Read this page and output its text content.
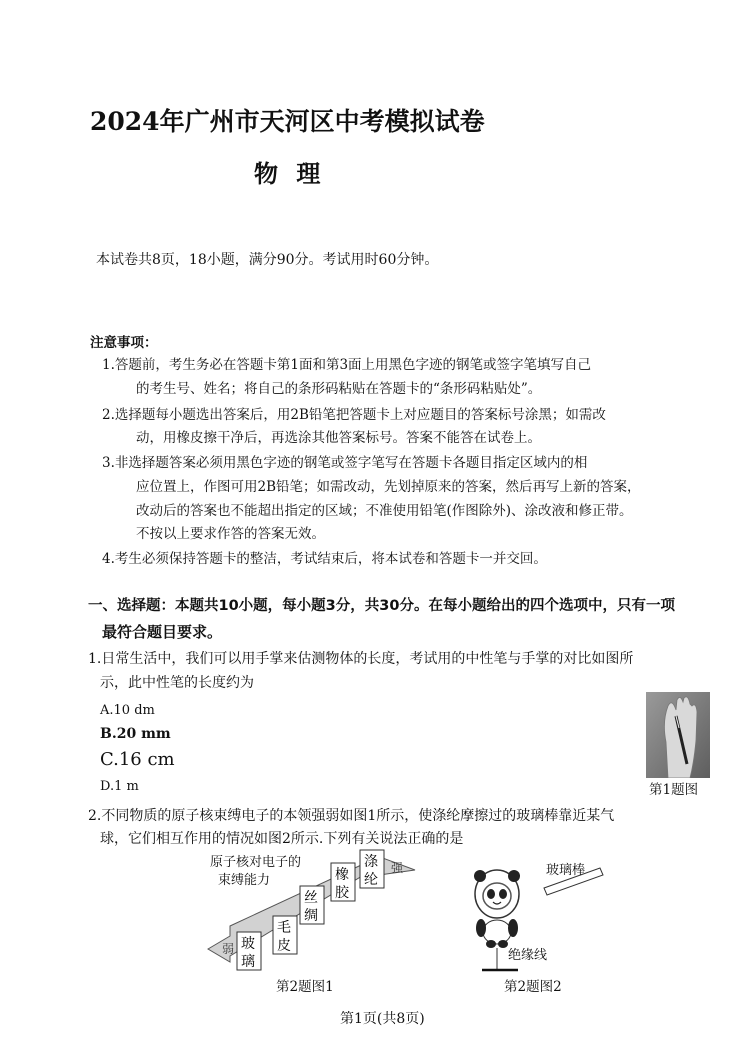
2024年广州市天河区中考模拟试卷
物 理
本试卷共8页，18小题，满分90分。考试用时60分钟。
注意事项：
1.答题前，考生务必在答题卡第1面和第3面上用黑色字迹的钢笔或签字笔填写自己
的考生号、姓名；将自己的条形码粘贴在答题卡的“条形码粘贴处”。
2.选择题每小题选出答案后，用2B铅笔把答题卡上对应题目的答案标号涂黑；如需改
动，用橡皮擦干净后，再选涂其他答案标号。答案不能答在试卷上。
3.非选择题答案必须用黑色字迹的钢笔或签字笔写在答题卡各题目指定区域内的相
应位置上，作图可用2B铅笔；如需改动，先划掉原来的答案，然后再写上新的答案，
改动后的答案也不能超出指定的区域；不准使用铅笔(作图除外)、涂改液和修正带。
不按以上要求作答的答案无效。
4.考生必须保持答题卡的整洁，考试结束后，将本试卷和答题卡一并交回。
一、选择题：本题共10小题，每小题3分，共30分。在每小题给出的四个选项中，只有一项
最符合题目要求。
1.日常生活中，我们可以用手掌来估测物体的长度，考试用的中性笔与手掌的对比如图所
示，此中性笔的长度约为
A.10 dm
B.20 mm
C.16 cm
D.1 m	第1题图
2.不同物质的原子核束缚电子的本领强弱如图1所示，使涤纶摩擦过的玻璃棒靠近某气
球，它们相互作用的情况如图2所示.下列有关说法正确的是
弱
强
原子核对电子的
束缚能力
玻
璃
毛
皮
丝
绸
橡
胶
涤
纶
第2题图1
玻璃棒
绝缘线
第2题图2
第1页(共8页)
